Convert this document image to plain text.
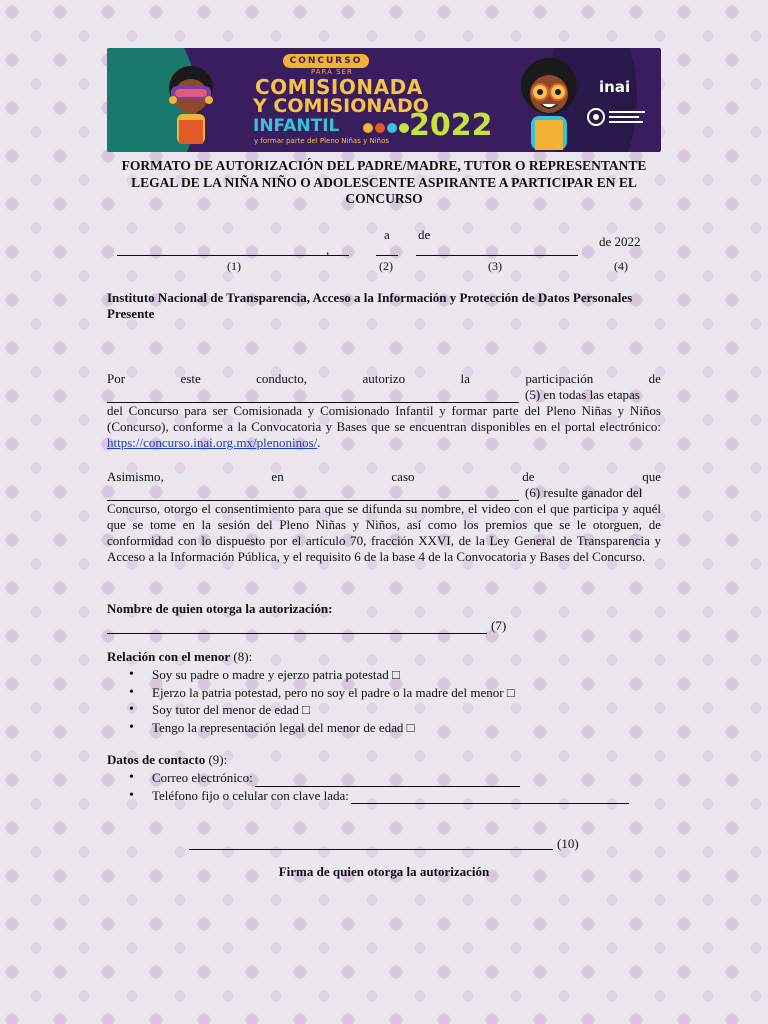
CONCURSO
PARA SER
COMISIONADA
Y COMISIONADO
INFANTIL
y formar parte del Pleno Niñas y Niños 2022
inai
FORMATO DE AUTORIZACIÓN DEL PADRE/MADRE, TUTOR O REPRESENTANTE LEGAL DE LA NIÑA NIÑO O ADOLESCENTE ASPIRANTE A PARTICIPAR EN EL CONCURSO
,
a de	de 2022
(1)	(2)	(3)	(4)
Instituto Nacional de Transparencia, Acceso a la Información y Protección de Datos Personales
Presente
Por	este	conducto,	autorizo	la	participación	de
(5) en todas las etapas
del Concurso para ser Comisionada y Comisionado Infantil y formar parte del Pleno Niñas y Niños (Concurso), conforme a la Convocatoria y Bases que se encuentran disponibles en el portal electrónico: https://concurso.inai.org.mx/plenoninos/.
Asimismo,	en	caso	de	que
(6) resulte ganador del
Concurso, otorgo el consentimiento para que se difunda su nombre, el video con el que participa y aquél que se tome en la sesión del Pleno Niñas y Niños, así como los premios que se le otorguen, de conformidad con lo dispuesto por el artículo 70, fracción XXVI, de la Ley General de Transparencia y Acceso a la Información Pública, y el requisito 6 de la base 4 de la Convocatoria y Bases del Concurso.
Nombre de quien otorga la autorización:
(7)
Relación con el menor (8):
• Soy su padre o madre y ejerzo patria potestad □
• Ejerzo la patria potestad, pero no soy el padre o la madre del menor □
• Soy tutor del menor de edad □
• Tengo la representación legal del menor de edad □
Datos de contacto (9):
• Correo electrónico:
• Teléfono fijo o celular con clave lada:
(10)
Firma de quien otorga la autorización
